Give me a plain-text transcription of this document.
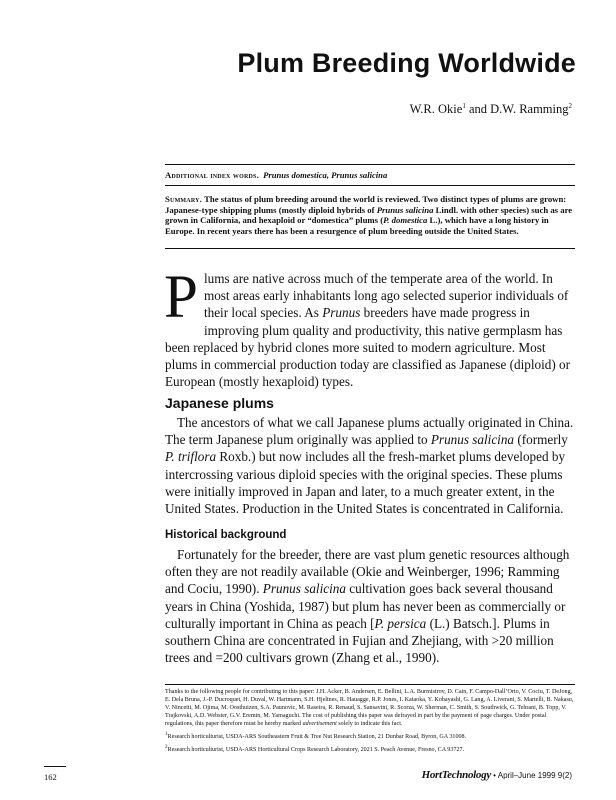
Plum Breeding Worldwide
W.R. Okie$^1$ and D.W. Ramming$^2$
Additional index words. Prunus domestica, Prunus salicina

Summary. The status of plum breeding around the world is reviewed. Two distinct types of plums are grown: Japanese-type shipping plums (mostly diploid hybrids of Prunus salicina Lindl. with other species) such as are grown in California, and hexaploid or “domestica” plums (P. domestica L.), which have a long history in Europe. In recent years there has been a resurgence of plum breeding outside the United States.

Plums are native across much of the temperate area of the world. In most areas early inhabitants long ago selected superior individuals of their local species. As Prunus breeders have made progress in improving plum quality and productivity, this native germplasm has been replaced by hybrid clones more suited to modern agriculture. Most plums in commercial production today are classified as Japanese (diploid) or European (mostly hexaploid) types.

Japanese plums

The ancestors of what we call Japanese plums actually originated in China. The term Japanese plum originally was applied to Prunus salicina (formerly P. triflora Roxb.) but now includes all the fresh-market plums developed by intercrossing various diploid species with the original species. These plums were initially improved in Japan and later, to a much greater extent, in the United States. Production in the United States is concentrated in California.

Historical background

Fortunately for the breeder, there are vast plum genetic resources although often they are not readily available (Okie and Weinberger, 1996; Ramming and Cociu, 1990). Prunus salicina cultivation goes back several thousand years in China (Yoshida, 1987) but plum has never been as commercially or culturally important in China as peach [P. persica (L.) Batsch.]. Plums in southern China are concentrated in Fujian and Zhejiang, with >20 million trees and =200 cultivars grown (Zhang et al., 1990).

Thanks to the following people for contributing to this paper: J.H. Acker, B. Andersen, E. Bellini, L.A. Burmistrov, D. Cain, F. Campo-Dall’Orto, V. Cociu, T. DeJong, E. Dela Bruna, J.-P. Ducroquet, H. Duval, W. Hartmann, S.H. Hjeltnes, R. Hauagge, R.P. Jones, I. Kataoka, Y. Kobayashi, G. Lang, A. Liverani, S. Martelli, B. Nakasu, V. Nincetti, M. Ojima, M. Oosthuizen, S.A. Paunovic, M. Raseira, R. Renaud, S. Sansavini, R. Scorza, W. Sherman, C. Smith, S. Southwick, G. Tehrani, B. Topp, V. Trajkovski, A.D. Webster, G.V. Eremin, M. Yamaguchi. The cost of publishing this paper was defrayed in part by the payment of page charges. Under postal regulations, this paper therefore must be hereby marked advertisement solely to indicate this fact.

$^1$Research horticulturist, USDA-ARS Southeastern Fruit & Tree Nut Research Station, 21 Dunbar Road, Byron, GA 31008.

$^2$Research horticulturist, USDA-ARS Horticultural Crops Research Laboratory, 2021 S. Peach Avenue, Fresno, CA 93727.

162	HortTechnology • April–June 1999 9(2)
